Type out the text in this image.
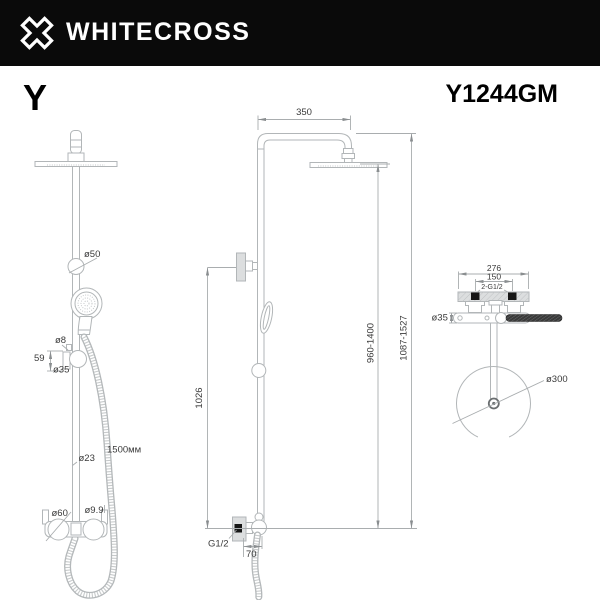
WHITECROSS
Y	Y1244GM
ø50
ø8
59
ø35
ø23
1500мм
ø60 ø9.9
350
1026
960-1400 1087-1527
G1/2
70
276
150
2-G1/2
ø35
ø300
